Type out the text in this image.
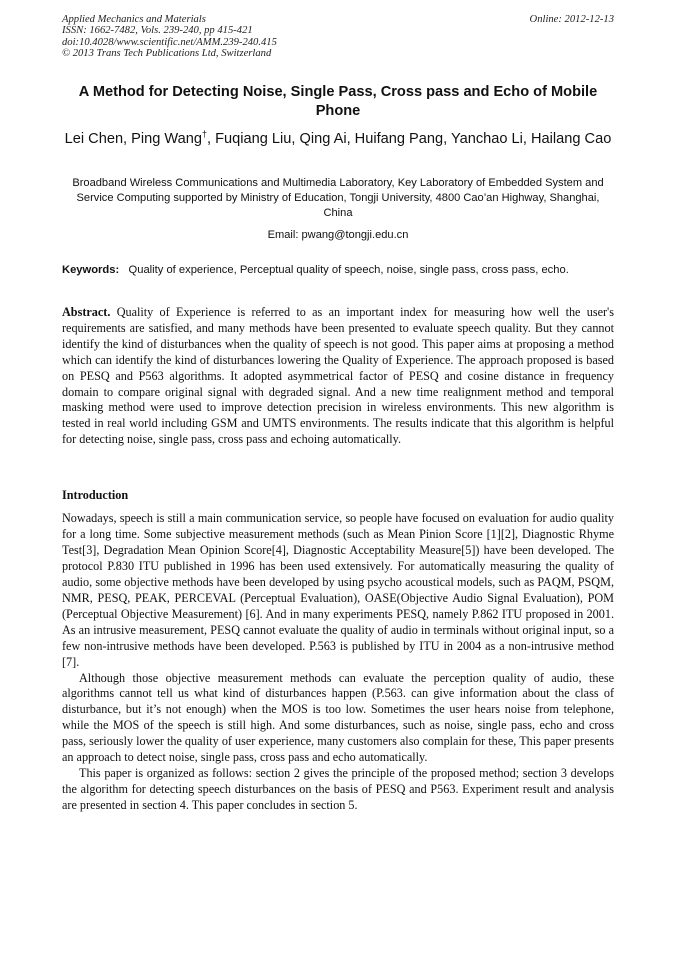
Applied Mechanics and Materials
ISSN: 1662-7482, Vols. 239-240, pp 415-421
doi:10.4028/www.scientific.net/AMM.239-240.415
© 2013 Trans Tech Publications Ltd, Switzerland
Online: 2012-12-13
A Method for Detecting Noise, Single Pass, Cross pass and Echo of Mobile Phone
Lei Chen, Ping Wang†, Fuqiang Liu, Qing Ai, Huifang Pang, Yanchao Li, Hailang Cao
Broadband Wireless Communications and Multimedia Laboratory, Key Laboratory of Embedded System and Service Computing supported by Ministry of Education, Tongji University, 4800 Cao’an Highway, Shanghai, China
Email: pwang@tongji.edu.cn
Keywords: Quality of experience, Perceptual quality of speech, noise, single pass, cross pass, echo.
Abstract. Quality of Experience is referred to as an important index for measuring how well the user's requirements are satisfied, and many methods have been presented to evaluate speech quality. But they cannot identify the kind of disturbances when the quality of speech is not good. This paper aims at proposing a method which can identify the kind of disturbances lowering the Quality of Experience. The approach proposed is based on PESQ and P563 algorithms. It adopted asymmetrical factor of PESQ and cosine distance in frequency domain to compare original signal with degraded signal. And a new time realignment method and temporal masking method were used to improve detection precision in wireless environments. This new algorithm is tested in real world including GSM and UMTS environments. The results indicate that this algorithm is helpful for detecting noise, single pass, cross pass and echoing automatically.
Introduction

Nowadays, speech is still a main communication service, so people have focused on evaluation for audio quality for a long time. Some subjective measurement methods (such as Mean Pinion Score [1][2], Diagnostic Rhyme Test[3], Degradation Mean Opinion Score[4], Diagnostic Acceptability Measure[5]) have been developed. The protocol P.830 ITU published in 1996 has been used extensively. For automatically measuring the quality of audio, some objective methods have been developed by using psycho acoustical models, such as PAQM, PSQM, NMR, PESQ, PEAK, PERCEVAL (Perceptual Evaluation), OASE(Objective Audio Signal Evaluation), POM (Perceptual Objective Measurement) [6]. And in many experiments PESQ, namely P.862 ITU proposed in 2001. As an intrusive measurement, PESQ cannot evaluate the quality of audio in terminals without original input, so a few non-intrusive methods have been developed. P.563 is published by ITU in 2004 as a non-intrusive method [7].

Although those objective measurement methods can evaluate the perception quality of audio, these algorithms cannot tell us what kind of disturbances happen (P.563. can give information about the class of disturbance, but it’s not enough) when the MOS is too low. Sometimes the user hears noise from telephone, while the MOS of the speech is still high. And some disturbances, such as noise, single pass, echo and cross pass, seriously lower the quality of user experience, many customers also complain for these, This paper presents an approach to detect noise, single pass, cross pass and echo automatically.

This paper is organized as follows: section 2 gives the principle of the proposed method; section 3 develops the algorithm for detecting speech disturbances on the basis of PESQ and P563. Experiment result and analysis are presented in section 4. This paper concludes in section 5.
